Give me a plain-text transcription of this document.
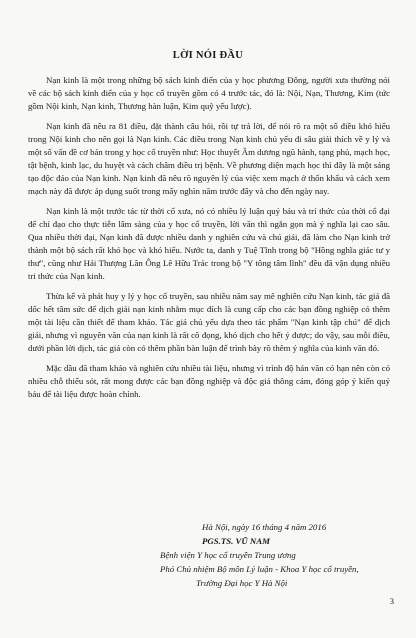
LỜI NÓI ĐẦU

Nạn kinh là một trong những bộ sách kinh điển của y học phương Đông, người xưa thường nói về các bộ sách kinh điển của y học cổ truyền gồm có 4 trước tác, đó là: Nội, Nạn, Thương, Kim (tức gồm Nội kinh, Nạn kinh, Thương hàn luận, Kim quỹ yếu lược).

Nạn kinh đã nêu ra 81 điều, đặt thành câu hỏi, rồi tự trả lời, để nói rõ ra một số điều khó hiểu trong Nội kinh cho nên gọi là Nạn kinh. Các điều trong Nạn kinh chủ yếu đi sâu giải thích về y lý và một số vấn đề cơ bản trong y học cổ truyền như: Học thuyết Âm dương ngũ hành, tạng phủ, mạch học, tật bệnh, kinh lạc, du huyệt và cách châm điều trị bệnh. Về phương diện mạch học thì đây là một sáng tạo độc đáo của Nạn kinh. Nạn kinh đã nêu rõ nguyên lý của việc xem mạch ở thốn khẩu và cách xem mạch này đã được áp dụng suốt trong mấy nghìn năm trước đây và cho đến ngày nay.

Nạn kinh là một trước tác từ thời cổ xưa, nó có nhiều lý luận quý báu và trí thức của thời cổ đại để chỉ đạo cho thực tiễn lâm sàng của y học cổ truyền, lời văn thì ngắn gọn mà ý nghĩa lại cao sâu. Qua nhiều thời đại, Nạn kinh đã được nhiều danh y nghiên cứu và chú giải, đã làm cho Nạn kinh trở thành một bộ sách rất khó học và khó hiểu. Nước ta, danh y Tuệ Tĩnh trong bộ "Hồng nghĩa giác tư y thư", cũng như Hải Thượng Lãn Ông Lê Hữu Trác trong bộ "Y tông tâm lĩnh" đều đã vận dụng nhiều tri thức của Nạn kinh.

Thừa kế và phát huy y lý y học cổ truyền, sau nhiều năm say mê nghiên cứu Nạn kinh, tác giả đã dốc hết tâm sức để dịch giải nạn kinh nhằm mục đích là cung cấp cho các bạn đồng nghiệp có thêm một tài liệu cần thiết để tham khảo. Tác giả chủ yếu dựa theo tác phẩm "Nạn kinh tập chú" để dịch giải, nhưng vì nguyên văn của nạn kinh là rất cô đọng, khó dịch cho hết ý được; do vậy, sau mỗi điều, dưới phần lời dịch, tác giả còn có thêm phần bàn luận để trình bày rõ thêm ý nghĩa của kinh văn đó.

Mặc dầu đã tham khảo và nghiên cứu nhiều tài liệu, nhưng vì trình độ hán văn có hạn nên còn có nhiều chỗ thiếu sót, rất mong được các bạn đồng nghiệp và độc giả thông cảm, đóng góp ý kiến quý báu để tài liệu được hoàn chỉnh.

Hà Nội, ngày 16 tháng 4 năm 2016
PGS.TS. VŨ NAM
Bệnh viện Y học cổ truyền Trung ương
Phó Chủ nhiệm Bộ môn Lý luận - Khoa Y học cổ truyền,
Trường Đại học Y Hà Nội
3
